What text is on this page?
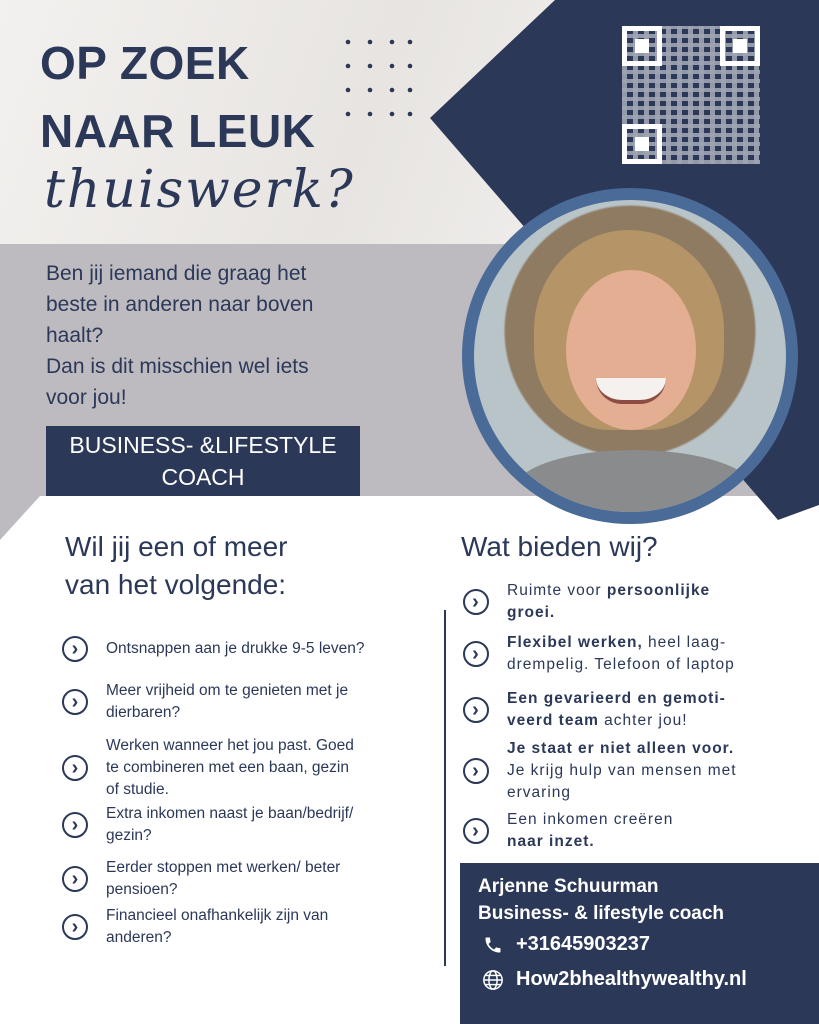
OP ZOEK
NAAR LEUK
thuiswerk?
Ben jij iemand die graag het
beste in anderen naar boven
haalt?
Dan is dit misschien wel iets
voor jou!
BUSINESS- &LIFESTYLE
COACH
Wil jij een of meer
van het volgende:
›	Ontsnappen aan je drukke 9-5 leven?
›	Meer vrijheid om te genieten met je
dierbaren?
›
Werken wanneer het jou past. Goed
te combineren met een baan, gezin
of studie.
›	Extra inkomen naast je baan/bedrijf/
gezin?
›	Eerder stoppen met werken/ beter
pensioen?
›	Financieel onafhankelijk zijn van
anderen?
Wat bieden wij?
›	Ruimte voor persoonlijke
groei.
›	Flexibel werken, heel laag-
drempelig. Telefoon of laptop
›	Een gevarieerd en gemoti-
veerd team achter jou!
›
Je staat er niet alleen voor.
Je krijg hulp van mensen met
ervaring
›	Een inkomen creëren
naar inzet.
Arjenne Schuurman
Business- & lifestyle coach
+31645903237
How2bhealthywealthy.nl
